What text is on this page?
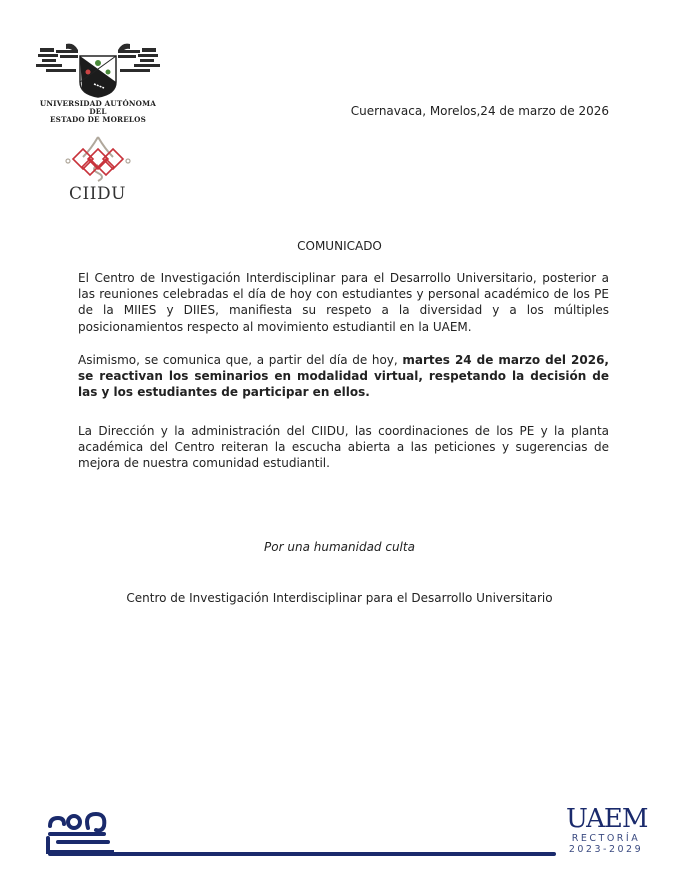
UNIVERSIDAD AUTÓNOMA DEL
ESTADO DE MORELOS
Cuernavaca, Morelos,24 de marzo de 2026
CIIDU
COMUNICADO
El Centro de Investigación Interdisciplinar para el Desarrollo Universitario, posterior a las reuniones celebradas el día de hoy con estudiantes y personal académico de los PE de la MIIES y DIIES, manifiesta su respeto a la diversidad y a los múltiples posicionamientos respecto al movimiento estudiantil en la UAEM.
Asimismo, se comunica que, a partir del día de hoy, martes 24 de marzo del 2026, se reactivan los seminarios en modalidad virtual, respetando la decisión de las y los estudiantes de participar en ellos.
La Dirección y la administración del CIIDU, las coordinaciones de los PE y la planta académica del Centro reiteran la escucha abierta a las peticiones y sugerencias de mejora de nuestra comunidad estudiantil.
Por una humanidad culta
Centro de Investigación Interdisciplinar para el Desarrollo Universitario
UAEM
RECTORÍA
2023-2029
